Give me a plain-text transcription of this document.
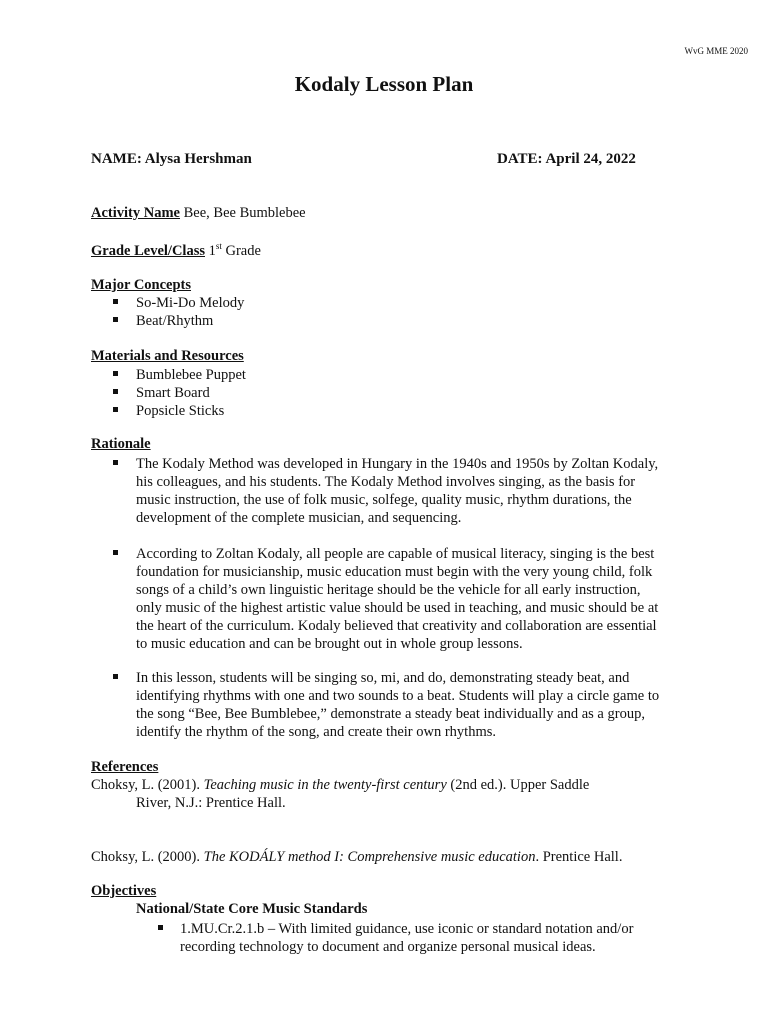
WvG MME 2020
Kodaly Lesson Plan
NAME: Alysa Hershman	DATE: April 24, 2022
Activity Name Bee, Bee Bumblebee
Grade Level/Class 1st Grade
Major Concepts
So-Mi-Do Melody
Beat/Rhythm
Materials and Resources
Bumblebee Puppet
Smart Board
Popsicle Sticks
Rationale
The Kodaly Method was developed in Hungary in the 1940s and 1950s by Zoltan Kodaly, his colleagues, and his students. The Kodaly Method involves singing, as the basis for music instruction, the use of folk music, solfege, quality music, rhythm durations, the development of the complete musician, and sequencing.
According to Zoltan Kodaly, all people are capable of musical literacy, singing is the best foundation for musicianship, music education must begin with the very young child, folk songs of a child’s own linguistic heritage should be the vehicle for all early instruction, only music of the highest artistic value should be used in teaching, and music should be at the heart of the curriculum. Kodaly believed that creativity and collaboration are essential to music education and can be brought out in whole group lessons.
In this lesson, students will be singing so, mi, and do, demonstrating steady beat, and identifying rhythms with one and two sounds to a beat. Students will play a circle game to the song “Bee, Bee Bumblebee,” demonstrate a steady beat individually and as a group, identify the rhythm of the song, and create their own rhythms.
References
Choksy, L. (2001). Teaching music in the twenty-first century (2nd ed.). Upper Saddle
River, N.J.: Prentice Hall.
Choksy, L. (2000). The KODÁLY method I: Comprehensive music education. Prentice Hall.
Objectives
National/State Core Music Standards
1.MU.Cr.2.1.b – With limited guidance, use iconic or standard notation and/or recording technology to document and organize personal musical ideas.
